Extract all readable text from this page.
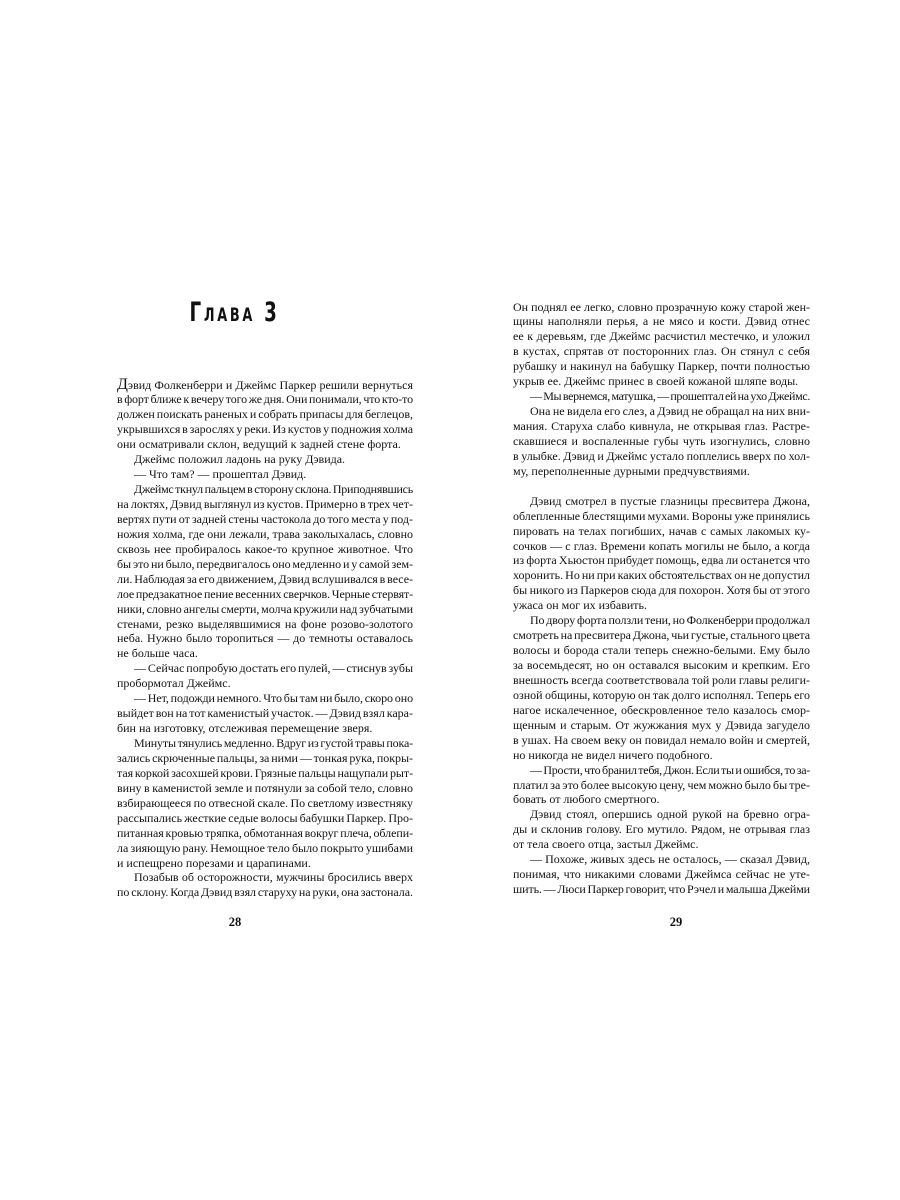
Глава 3
Дэвид Фолкенберри и Джеймс Паркер решили вернуться
в форт ближе к вечеру того же дня. Они понимали, что кто-то
должен поискать раненых и собрать припасы для беглецов,
укрывшихся в зарослях у реки. Из кустов у подножия холма
они осматривали склон, ведущий к задней стене форта.
Джеймс положил ладонь на руку Дэвида.
— Что там? — прошептал Дэвид.
Джеймс ткнул пальцем в сторону склона. Приподнявшись
на локтях, Дэвид выглянул из кустов. Примерно в трех чет-
вертях пути от задней стены частокола до того места у под-
ножия холма, где они лежали, трава заколыхалась, словно
сквозь нее пробиралось какое-то крупное животное. Что
бы это ни было, передвигалось оно медленно и у самой зем-
ли. Наблюдая за его движением, Дэвид вслушивался в весе-
лое предзакатное пение весенних сверчков. Черные стервят-
ники, словно ангелы смерти, молча кружили над зубчатыми
стенами, резко выделявшимися на фоне розово-золотого
неба. Нужно было торопиться — до темноты оставалось
не больше часа.
— Сейчас попробую достать его пулей, — стиснув зубы
пробормотал Джеймс.
— Нет, подожди немного. Что бы там ни было, скоро оно
выйдет вон на тот каменистый участок. — Дэвид взял кара-
бин на изготовку, отслеживая перемещение зверя.
Минуты тянулись медленно. Вдруг из густой травы пока-
зались скрюченные пальцы, за ними — тонкая рука, покры-
тая коркой засохшей крови. Грязные пальцы нащупали рыт-
вину в каменистой земле и потянули за собой тело, словно
взбирающееся по отвесной скале. По светлому известняку
рассыпались жесткие седые волосы бабушки Паркер. Про-
питанная кровью тряпка, обмотанная вокруг плеча, облепи-
ла зияющую рану. Немощное тело было покрыто ушибами
и испещрено порезами и царапинами.
Позабыв об осторожности, мужчины бросились вверх
по склону. Когда Дэвид взял старуху на руки, она застонала.
28
Он поднял ее легко, словно прозрачную кожу старой жен-
щины наполняли перья, а не мясо и кости. Дэвид отнес
ее к деревьям, где Джеймс расчистил местечко, и уложил
в кустах, спрятав от посторонних глаз. Он стянул с себя
рубашку и накинул на бабушку Паркер, почти полностью
укрыв ее. Джеймс принес в своей кожаной шляпе воды.
— Мы вернемся, матушка, — прошептал ей на ухо Джеймс.
Она не видела его слез, а Дэвид не обращал на них вни-
мания. Старуха слабо кивнула, не открывая глаз. Растре-
скавшиеся и воспаленные губы чуть изогнулись, словно
в улыбке. Дэвид и Джеймс устало поплелись вверх по хол-
му, переполненные дурными предчувствиями.
Дэвид смотрел в пустые глазницы пресвитера Джона,
облепленные блестящими мухами. Вороны уже принялись
пировать на телах погибших, начав с самых лакомых ку-
сочков — с глаз. Времени копать могилы не было, а когда
из форта Хьюстон прибудет помощь, едва ли останется что
хоронить. Но ни при каких обстоятельствах он не допустил
бы никого из Паркеров сюда для похорон. Хотя бы от этого
ужаса он мог их избавить.
По двору форта ползли тени, но Фолкенберри продолжал
смотреть на пресвитера Джона, чьи густые, стального цвета
волосы и борода стали теперь снежно-белыми. Ему было
за восемьдесят, но он оставался высоким и крепким. Его
внешность всегда соответствовала той роли главы религи-
озной общины, которую он так долго исполнял. Теперь его
нагое искалеченное, обескровленное тело казалось смор-
щенным и старым. От жужжания мух у Дэвида загудело
в ушах. На своем веку он повидал немало войн и смертей,
но никогда не видел ничего подобного.
— Прости, что бранил тебя, Джон. Если ты и ошибся, то за-
платил за это более высокую цену, чем можно было бы тре-
бовать от любого смертного.
Дэвид стоял, опершись одной рукой на бревно огра-
ды и склонив голову. Его мутило. Рядом, не отрывая глаз
от тела своего отца, застыл Джеймс.
— Похоже, живых здесь не осталось, — сказал Дэвид,
понимая, что никакими словами Джеймса сейчас не уте-
шить. — Люси Паркер говорит, что Рэчел и малыша Джейми
29
